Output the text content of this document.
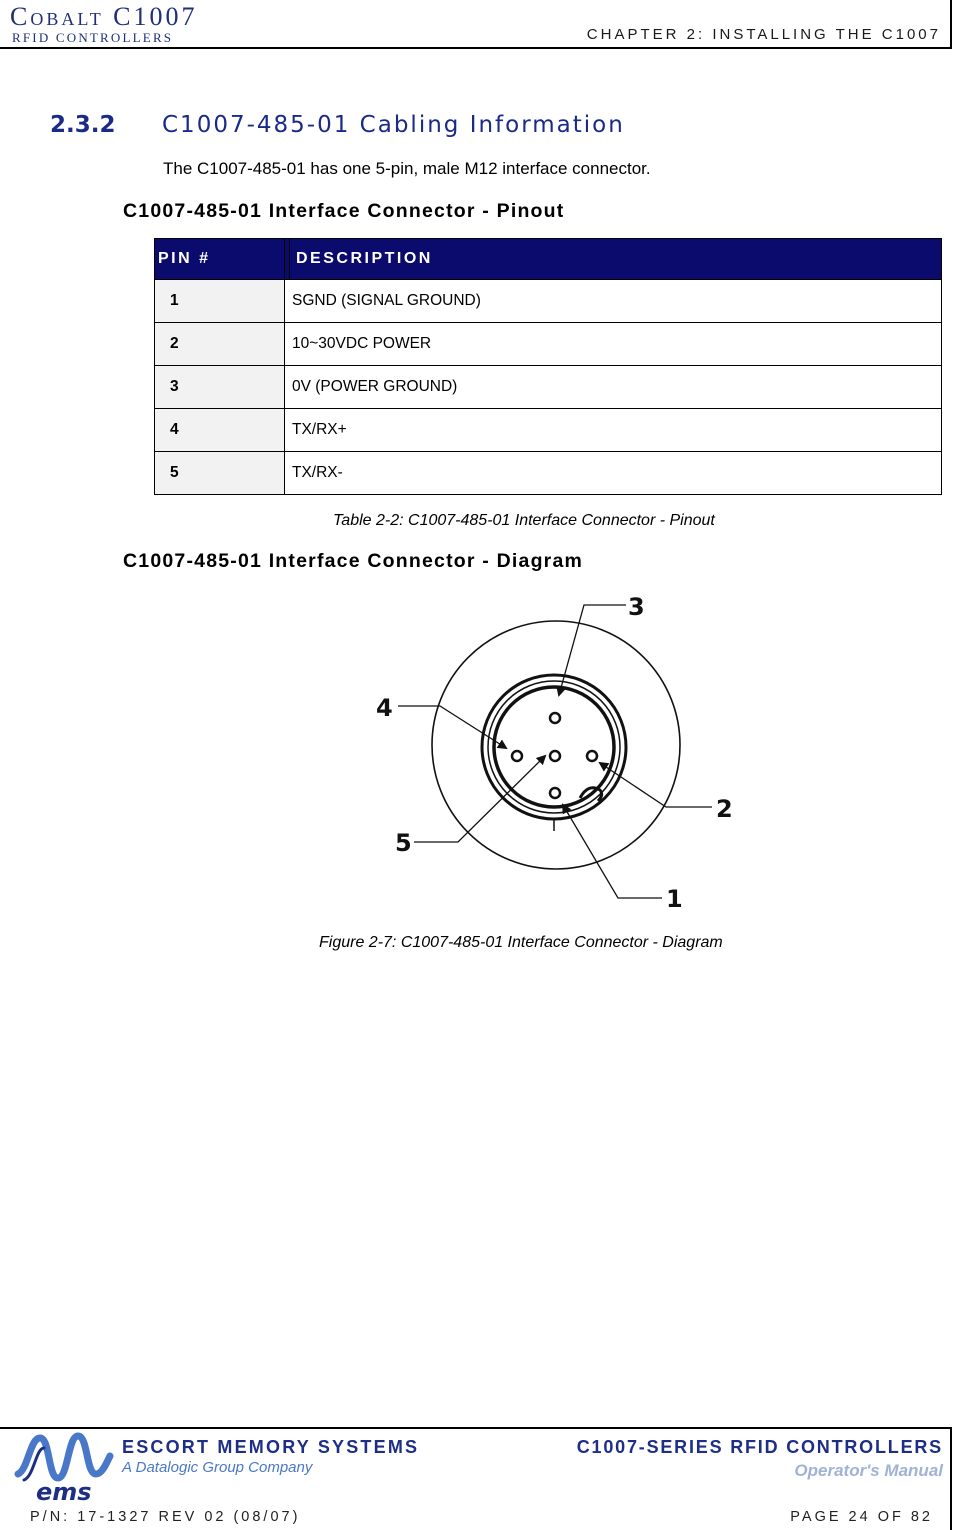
Cobalt C1007
RFID CONTROLLERS	CHAPTER 2: INSTALLING THE C1007
2.3.2 C1007-485-01 Cabling Information
The C1007-485-01 has one 5-pin, male M12 interface connector.
C1007-485-01 Interface Connector - Pinout
PIN #		DESCRIPTION
1	SGND (SIGNAL GROUND)	
2	10~30VDC POWER	
3	0V (POWER GROUND)	
4	TX/RX+	
5	TX/RX-	
Table 2-2: C1007-485-01 Interface Connector - Pinout
C1007-485-01 Interface Connector - Diagram
3
4
2
5
1
Figure 2-7: C1007-485-01 Interface Connector - Diagram
ems
ESCORT MEMORY SYSTEMS
A Datalogic Group Company
C1007-SERIES RFID CONTROLLERS
Operator's Manual
P/N: 17-1327 REV 02 (08/07)	PAGE 24 OF 82
